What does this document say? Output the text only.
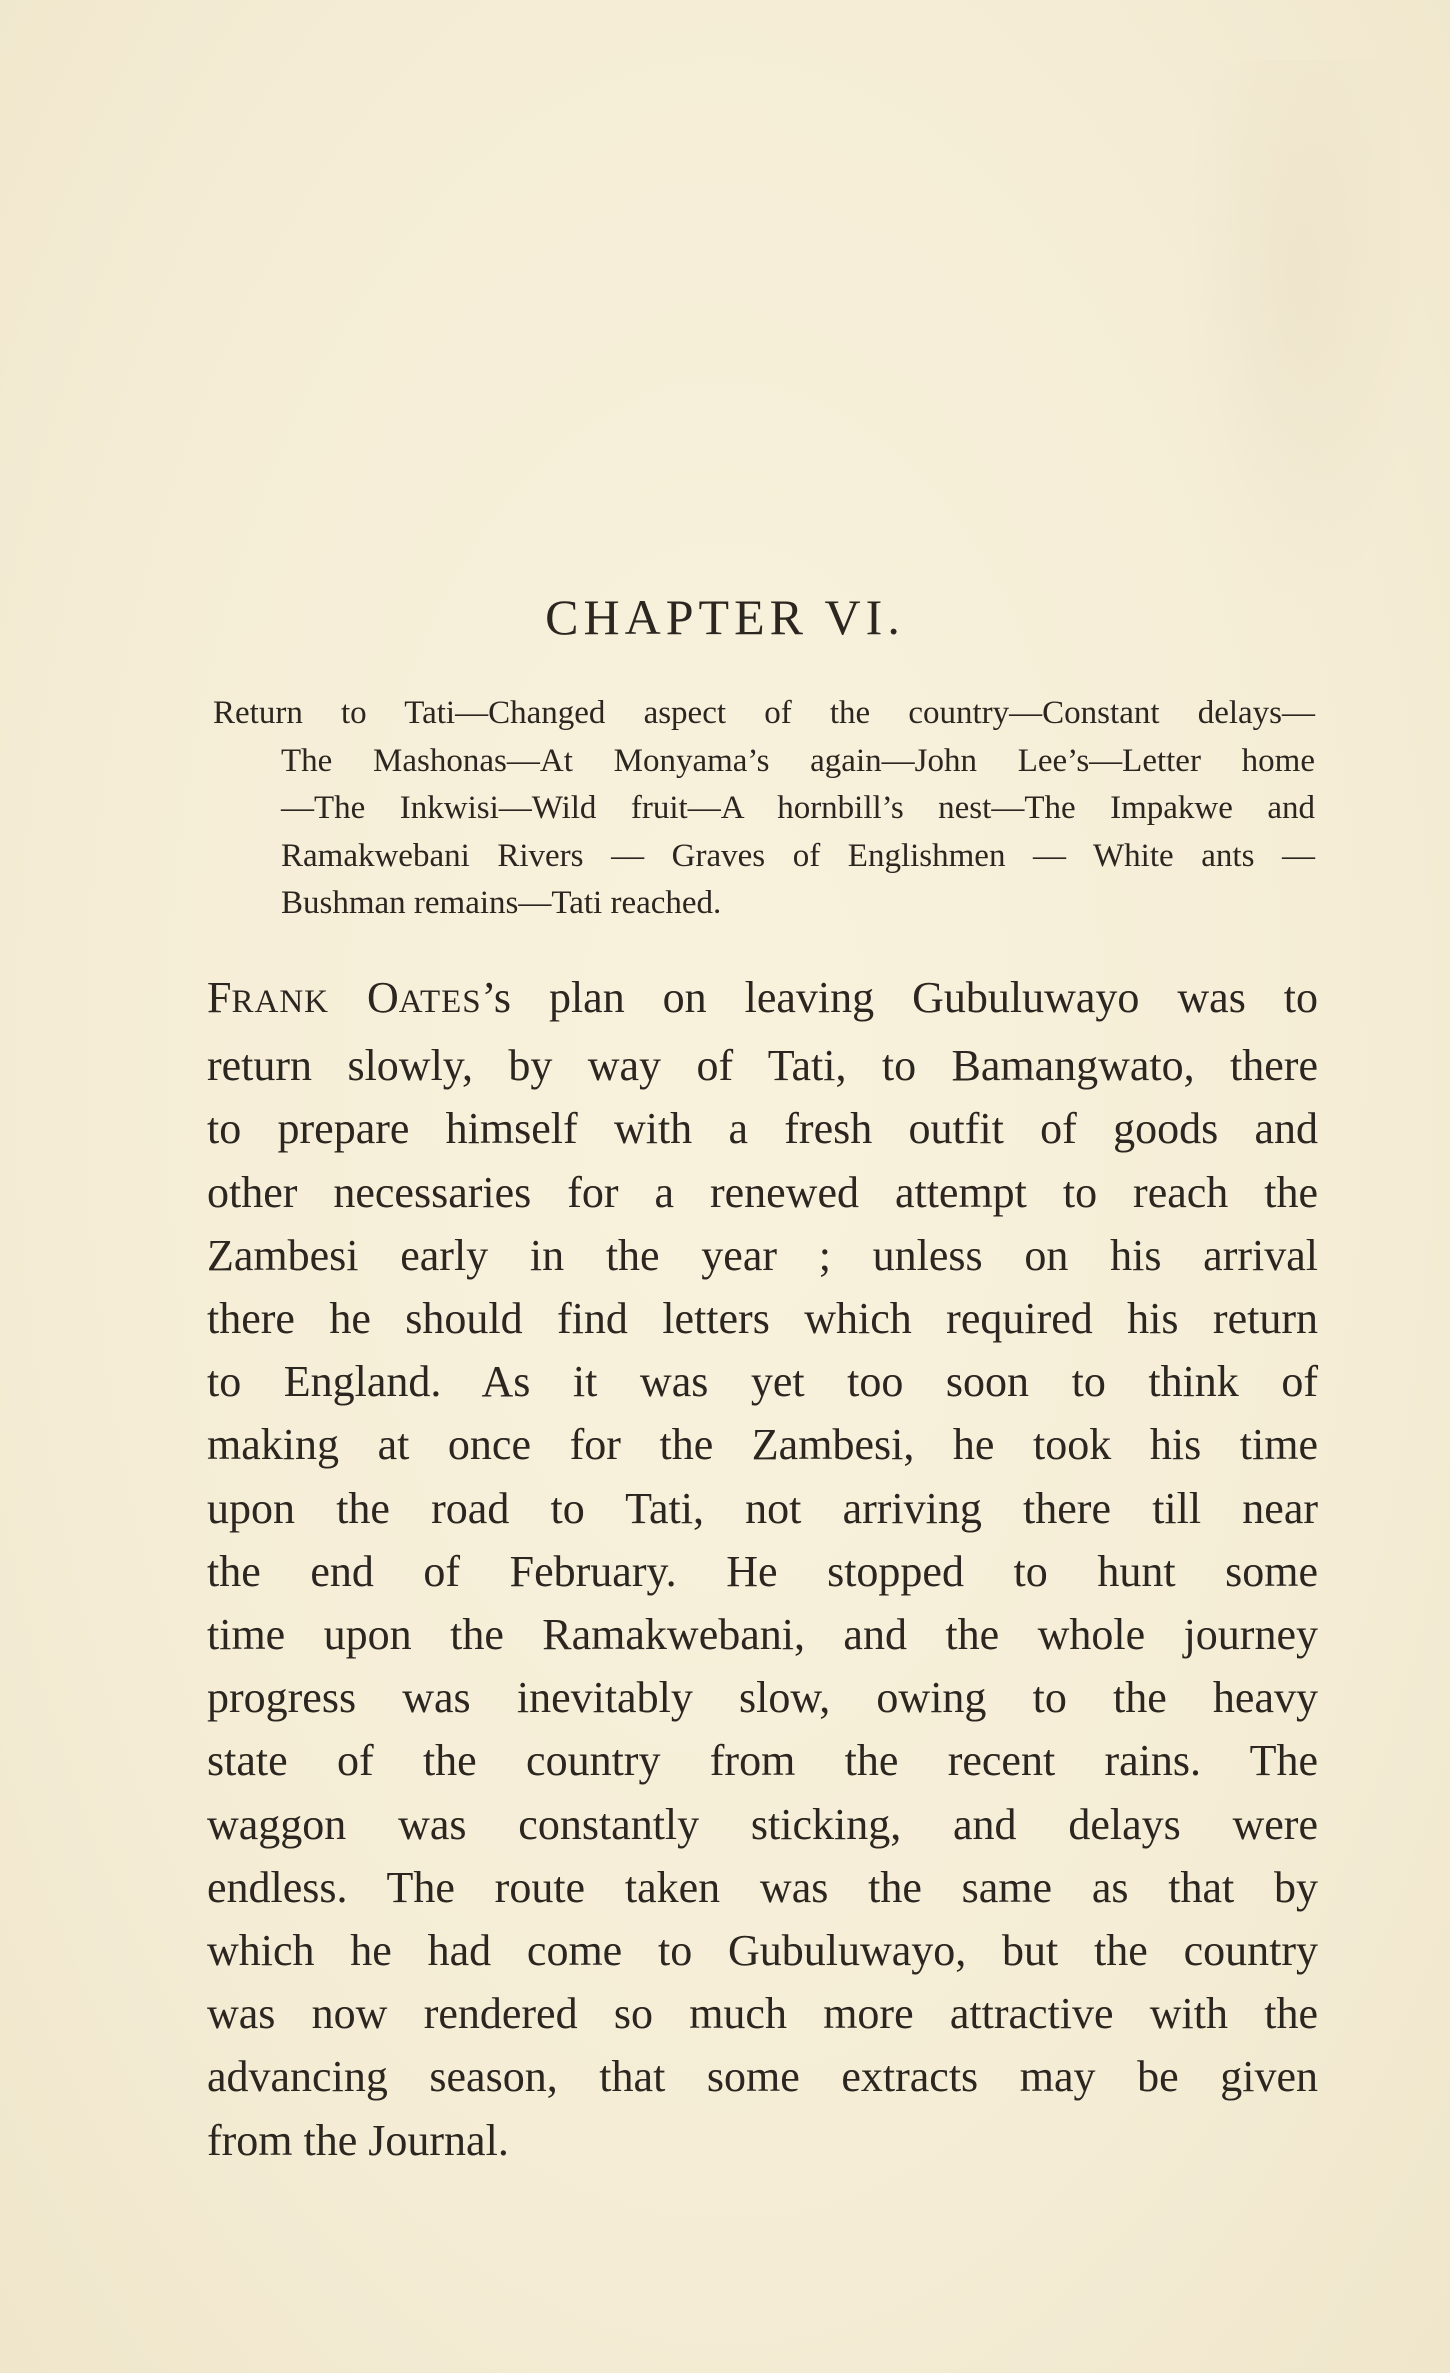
CHAPTER VI.
Return to Tati—Changed aspect of the country—Constant delays—
The Mashonas—At Monyama’s again—John Lee’s—Letter home
—The Inkwisi—Wild fruit—A hornbill’s nest—The Impakwe and
Ramakwebani Rivers — Graves of Englishmen — White ants —
Bushman remains—Tati reached.
FRANK OATES’s plan on leaving Gubuluwayo was to
return slowly, by way of Tati, to Bamangwato, there
to prepare himself with a fresh outfit of goods and
other necessaries for a renewed attempt to reach the
Zambesi early in the year ; unless on his arrival
there he should find letters which required his return
to England. As it was yet too soon to think of
making at once for the Zambesi, he took his time
upon the road to Tati, not arriving there till near
the end of February. He stopped to hunt some
time upon the Ramakwebani, and the whole journey
progress was inevitably slow, owing to the heavy
state of the country from the recent rains. The
waggon was constantly sticking, and delays were
endless. The route taken was the same as that by
which he had come to Gubuluwayo, but the country
was now rendered so much more attractive with the
advancing season, that some extracts may be given
from the Journal.
